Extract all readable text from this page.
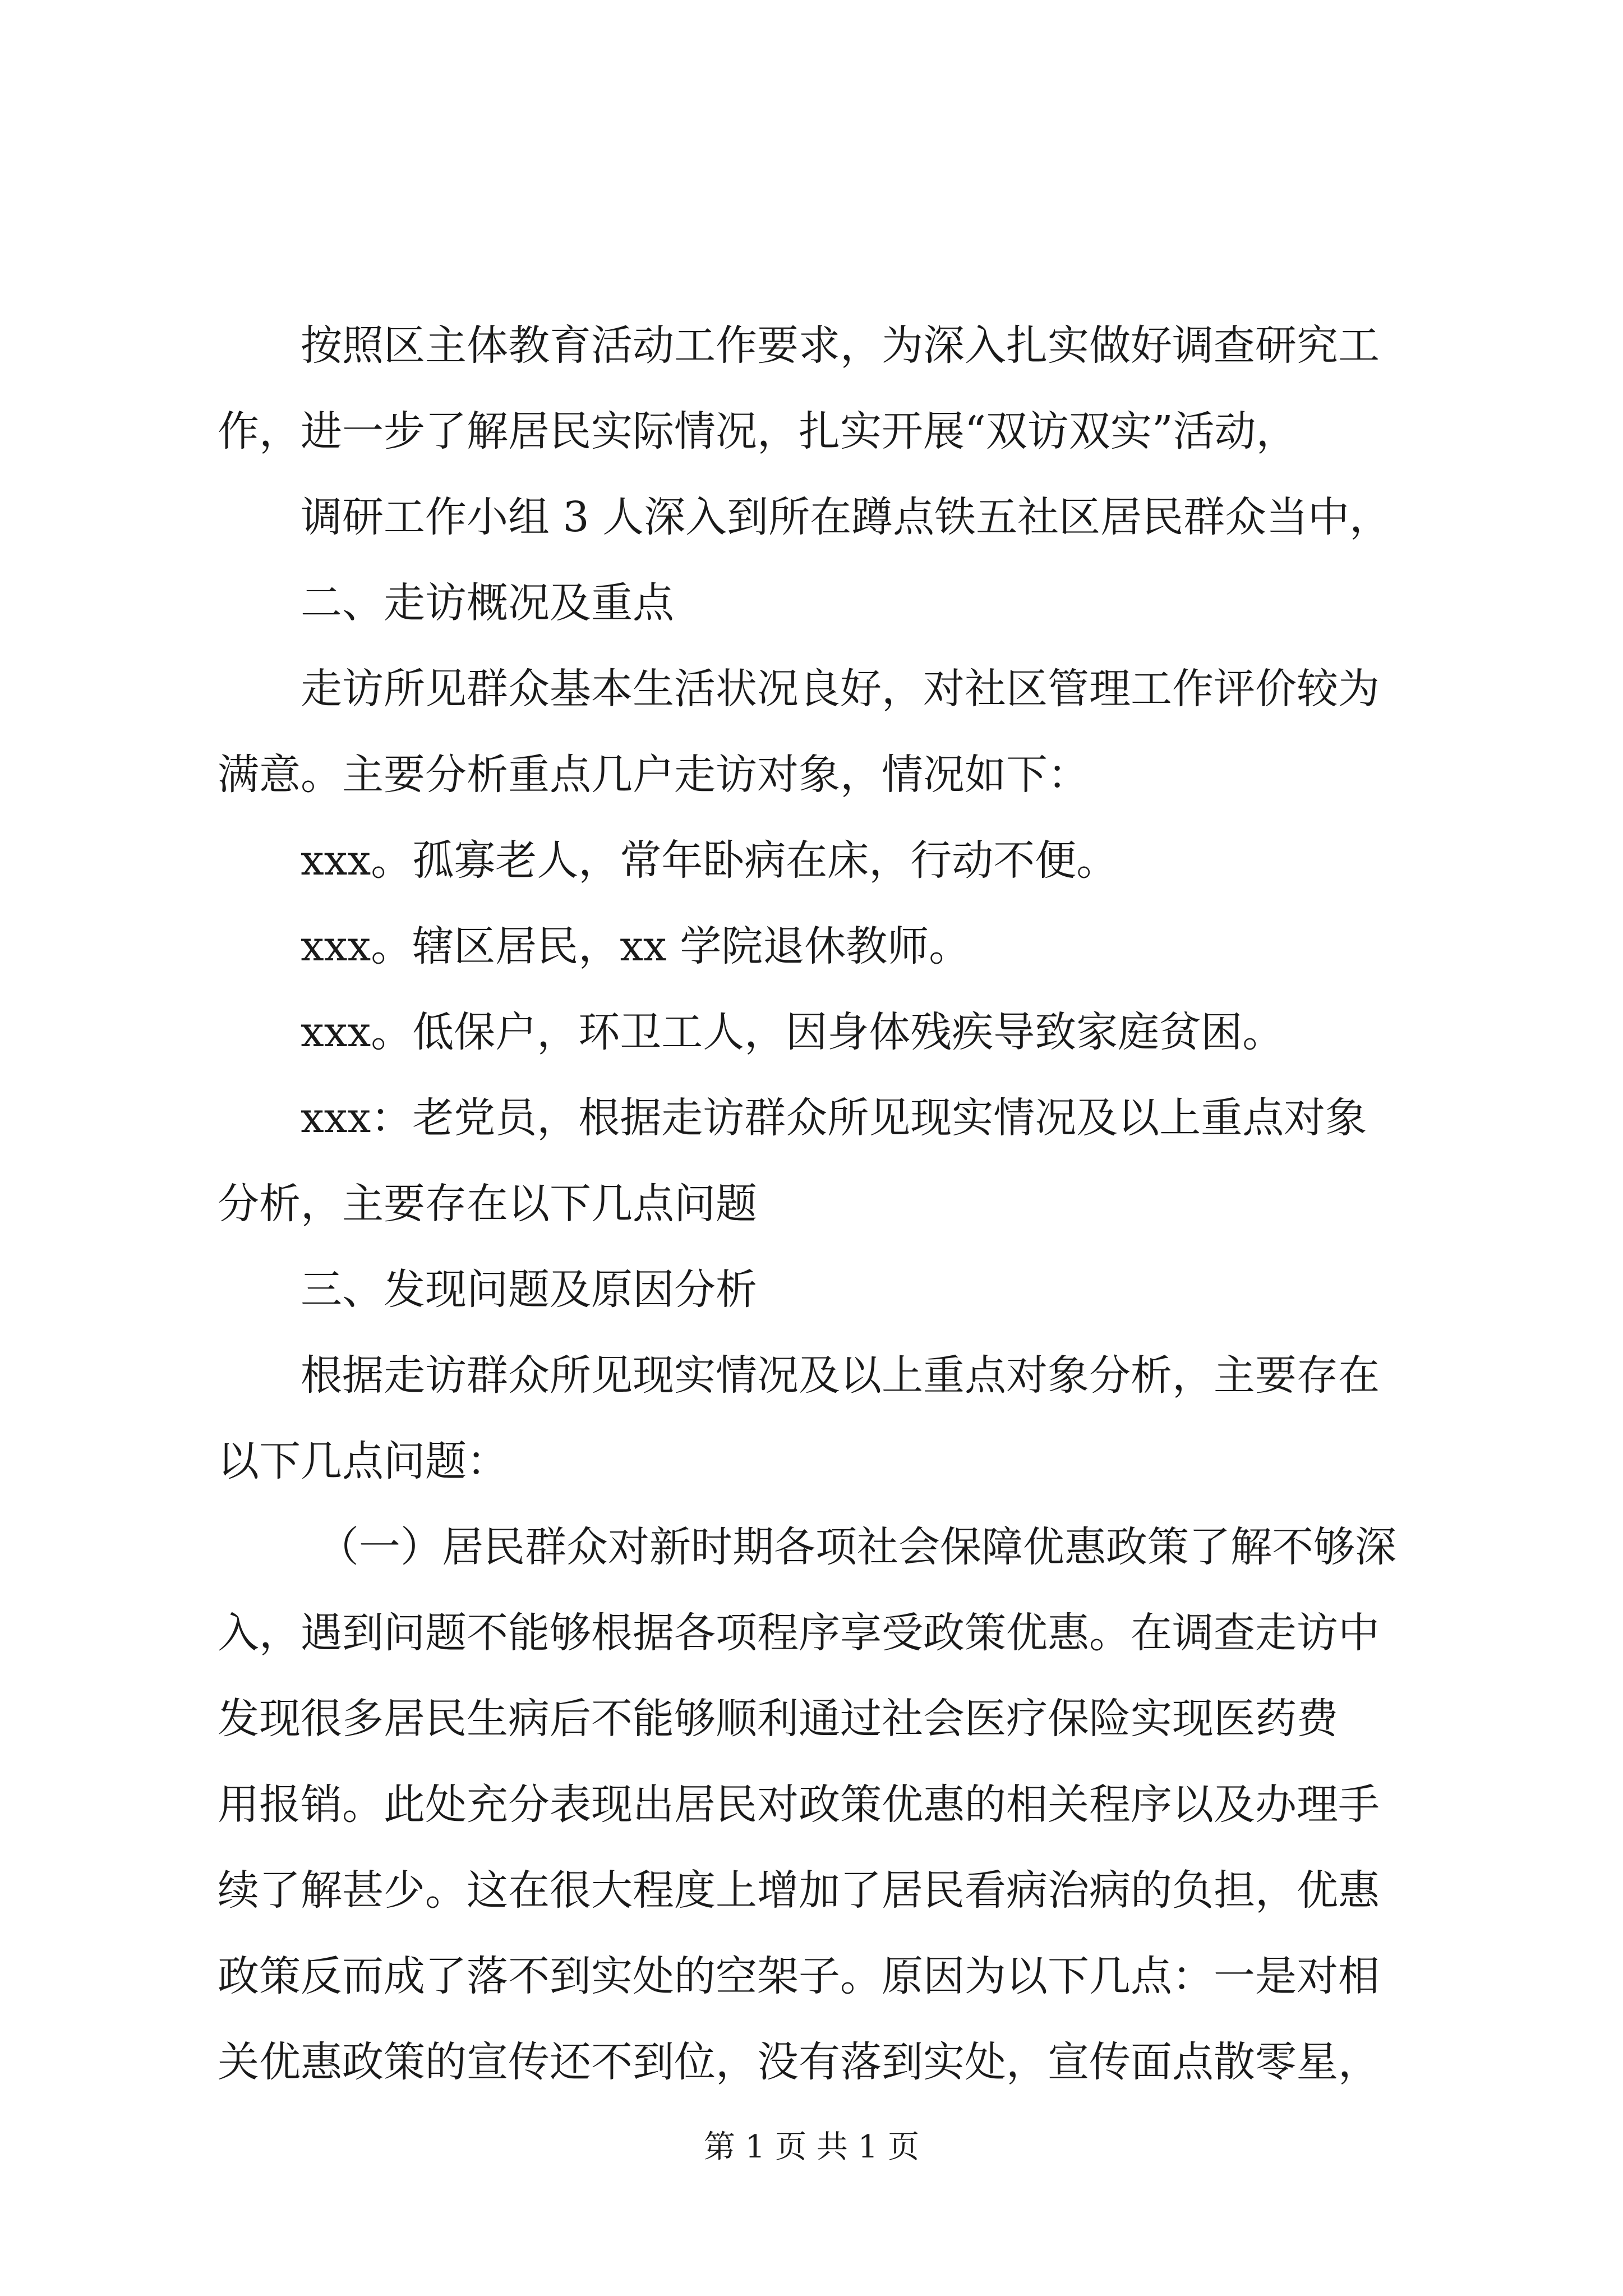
按照区主体教育活动工作要求，为深入扎实做好调查研究工

作，进一步了解居民实际情况，扎实开展“双访双实”活动，

调研工作小组 3 人深入到所在蹲点铁五社区居民群众当中，

二、走访概况及重点

走访所见群众基本生活状况良好，对社区管理工作评价较为

满意。主要分析重点几户走访对象，情况如下：

xxx。孤寡老人，常年卧病在床，行动不便。

xxx。辖区居民，xx 学院退休教师。

xxx。低保户，环卫工人，因身体残疾导致家庭贫困。

xxx：老党员，根据走访群众所见现实情况及以上重点对象

分析，主要存在以下几点问题

三、发现问题及原因分析

根据走访群众所见现实情况及以上重点对象分析，主要存在

以下几点问题：

（一）居民群众对新时期各项社会保障优惠政策了解不够深

入，遇到问题不能够根据各项程序享受政策优惠。在调查走访中

发现很多居民生病后不能够顺利通过社会医疗保险实现医药费

用报销。此处充分表现出居民对政策优惠的相关程序以及办理手

续了解甚少。这在很大程度上增加了居民看病治病的负担，优惠

政策反而成了落不到实处的空架子。原因为以下几点：一是对相

关优惠政策的宣传还不到位，没有落到实处，宣传面点散零星，

第 1 页 共 1 页
